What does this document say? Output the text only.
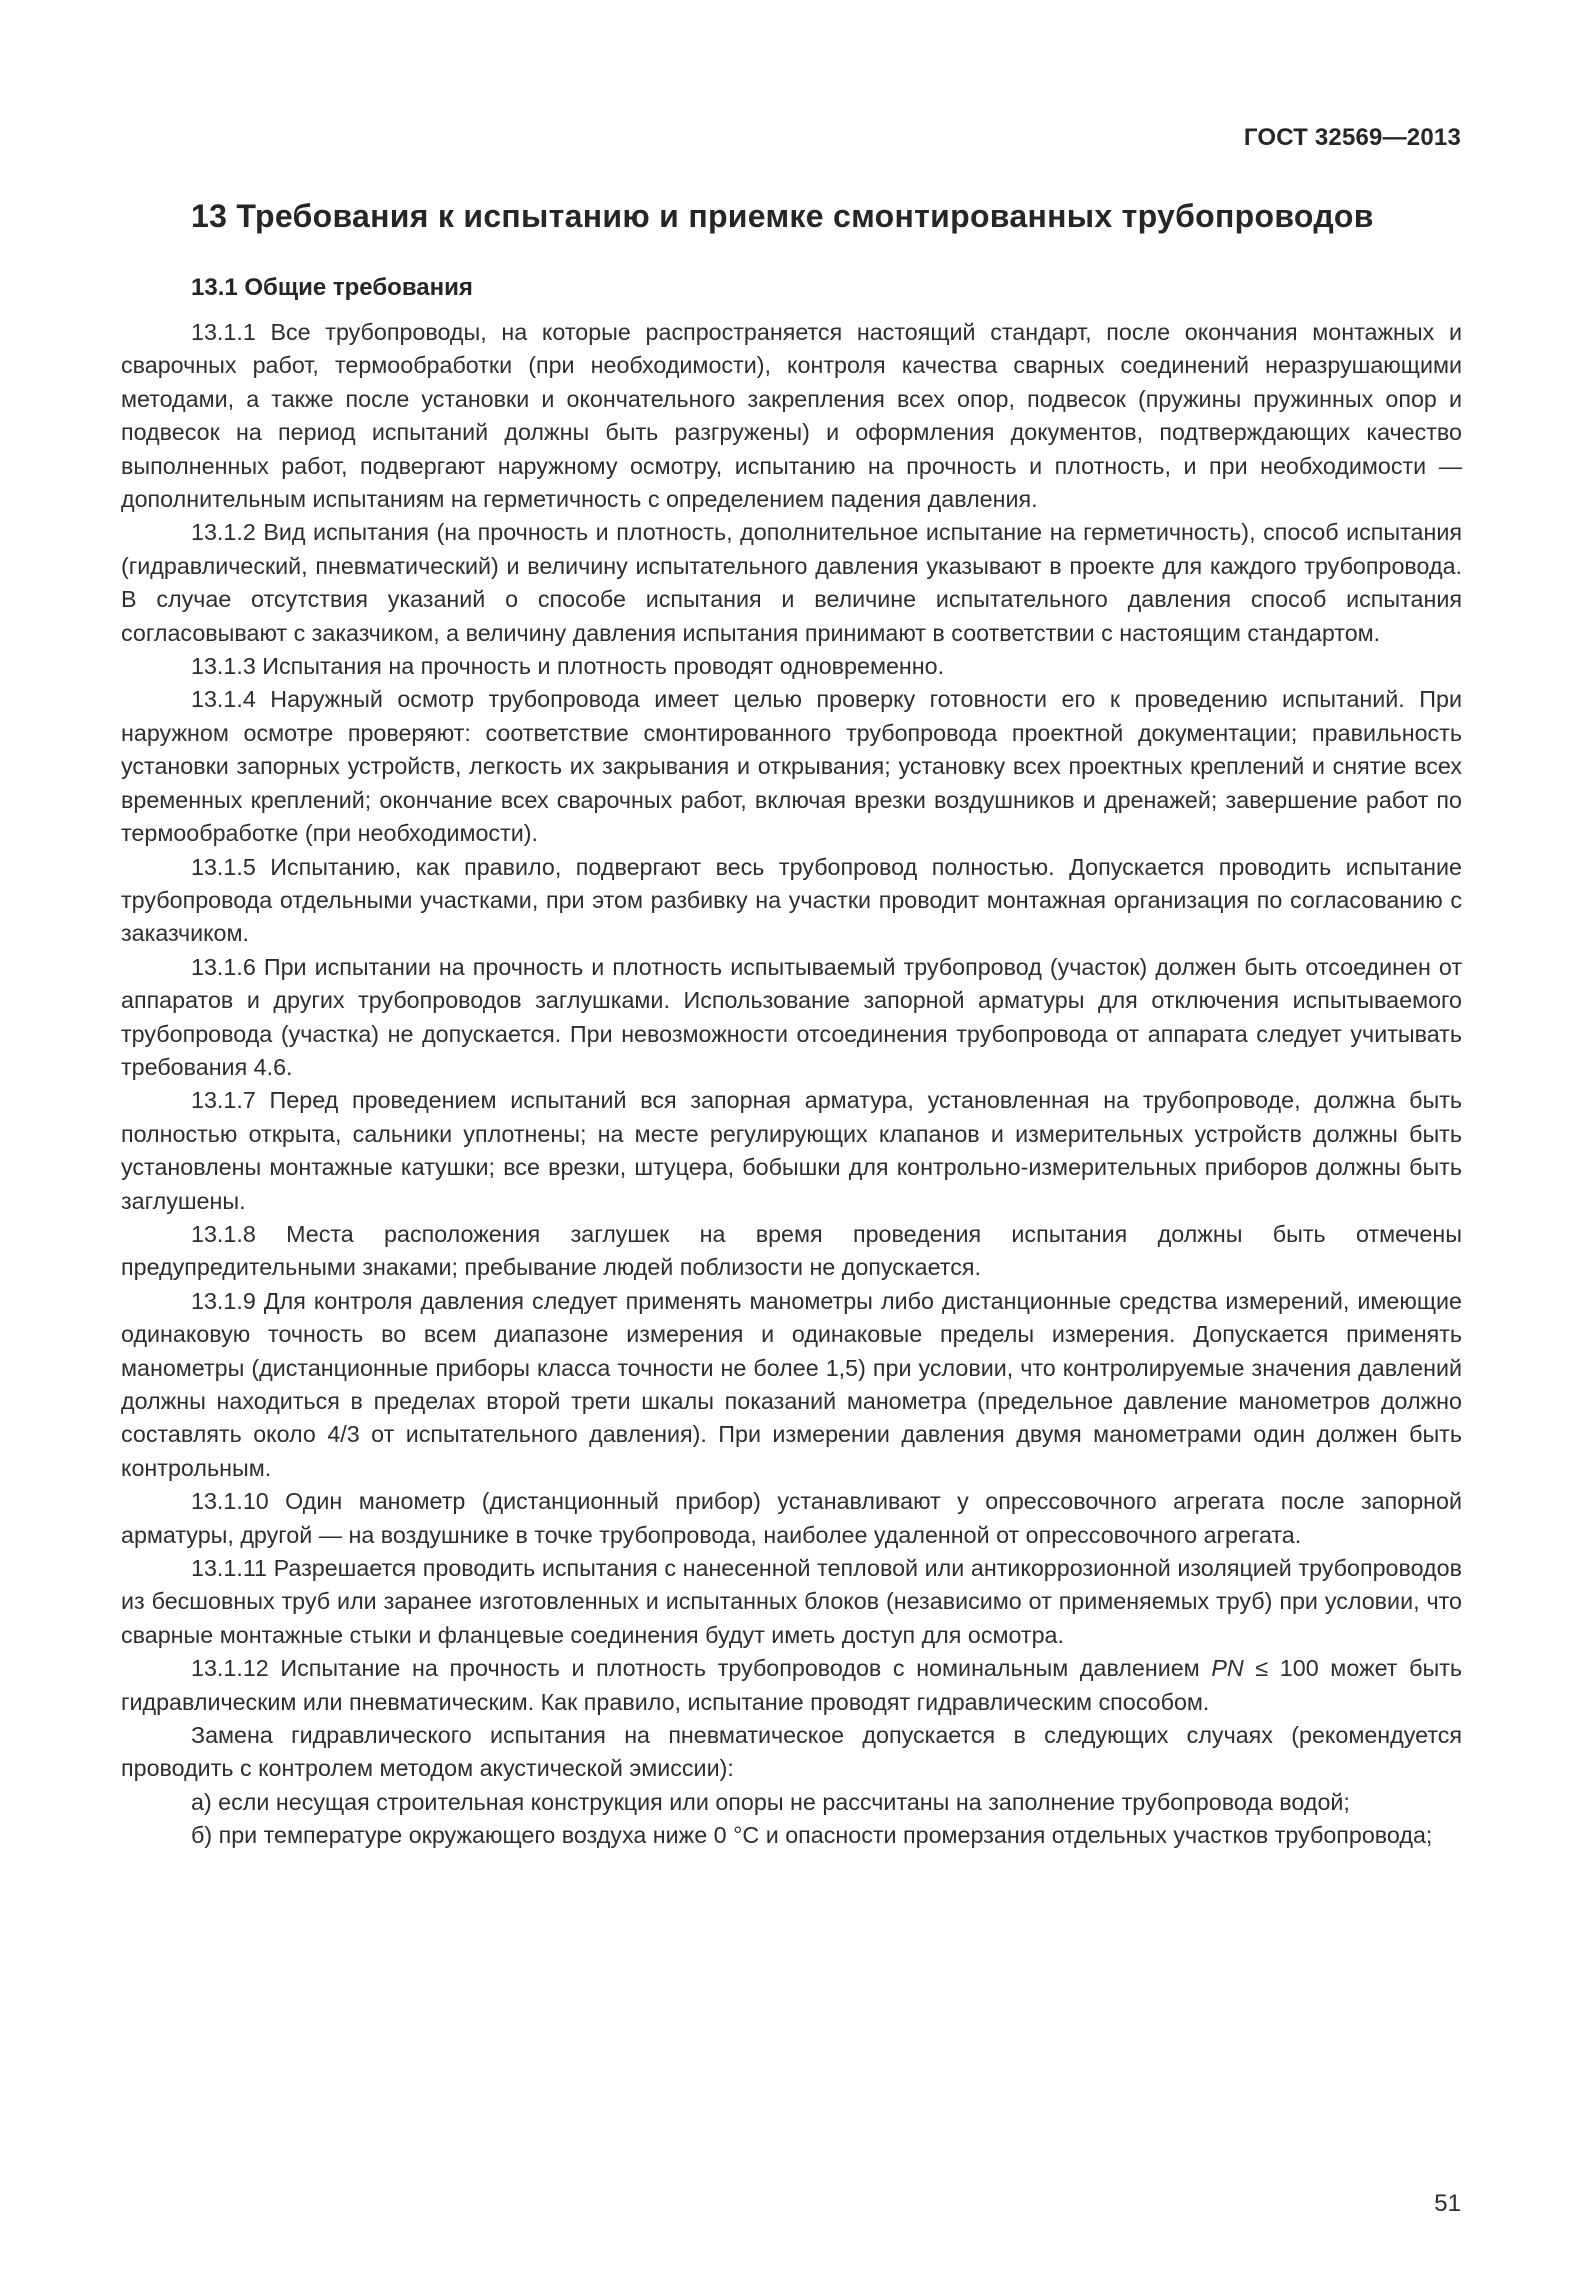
ГОСТ 32569—2013
13 Требования к испытанию и приемке смонтированных трубопроводов
13.1 Общие требования

13.1.1 Все трубопроводы, на которые распространяется настоящий стандарт, после окончания монтажных и сварочных работ, термообработки (при необходимости), контроля качества сварных соединений неразрушающими методами, а также после установки и окончательного закрепления всех опор, подвесок (пружины пружинных опор и подвесок на период испытаний должны быть разгружены) и оформления документов, подтверждающих качество выполненных работ, подвергают наружному осмотру, испытанию на прочность и плотность, и при необходимости — дополнительным испытаниям на герметичность с определением падения давления.

13.1.2 Вид испытания (на прочность и плотность, дополнительное испытание на герметичность), способ испытания (гидравлический, пневматический) и величину испытательного давления указывают в проекте для каждого трубопровода. В случае отсутствия указаний о способе испытания и величине испытательного давления способ испытания согласовывают с заказчиком, а величину давления испытания принимают в соответствии с настоящим стандартом.

13.1.3 Испытания на прочность и плотность проводят одновременно.

13.1.4 Наружный осмотр трубопровода имеет целью проверку готовности его к проведению испытаний. При наружном осмотре проверяют: соответствие смонтированного трубопровода проектной документации; правильность установки запорных устройств, легкость их закрывания и открывания; установку всех проектных креплений и снятие всех временных креплений; окончание всех сварочных работ, включая врезки воздушников и дренажей; завершение работ по термообработке (при необходимости).

13.1.5 Испытанию, как правило, подвергают весь трубопровод полностью. Допускается проводить испытание трубопровода отдельными участками, при этом разбивку на участки проводит монтажная организация по согласованию с заказчиком.

13.1.6 При испытании на прочность и плотность испытываемый трубопровод (участок) должен быть отсоединен от аппаратов и других трубопроводов заглушками. Использование запорной арматуры для отключения испытываемого трубопровода (участка) не допускается. При невозможности отсоединения трубопровода от аппарата следует учитывать требования 4.6.

13.1.7 Перед проведением испытаний вся запорная арматура, установленная на трубопроводе, должна быть полностью открыта, сальники уплотнены; на месте регулирующих клапанов и измерительных устройств должны быть установлены монтажные катушки; все врезки, штуцера, бобышки для контрольно-измерительных приборов должны быть заглушены.

13.1.8 Места расположения заглушек на время проведения испытания должны быть отмечены предупредительными знаками; пребывание людей поблизости не допускается.

13.1.9 Для контроля давления следует применять манометры либо дистанционные средства измерений, имеющие одинаковую точность во всем диапазоне измерения и одинаковые пределы измерения. Допускается применять манометры (дистанционные приборы класса точности не более 1,5) при условии, что контролируемые значения давлений должны находиться в пределах второй трети шкалы показаний манометра (предельное давление манометров должно составлять около 4/3 от испытательного давления). При измерении давления двумя манометрами один должен быть контрольным.

13.1.10 Один манометр (дистанционный прибор) устанавливают у опрессовочного агрегата после запорной арматуры, другой — на воздушнике в точке трубопровода, наиболее удаленной от опрессовочного агрегата.

13.1.11 Разрешается проводить испытания с нанесенной тепловой или антикоррозионной изоляцией трубопроводов из бесшовных труб или заранее изготовленных и испытанных блоков (независимо от применяемых труб) при условии, что сварные монтажные стыки и фланцевые соединения будут иметь доступ для осмотра.

13.1.12 Испытание на прочность и плотность трубопроводов с номинальным давлением PN ≤ 100 может быть гидравлическим или пневматическим. Как правило, испытание проводят гидравлическим способом.

Замена гидравлического испытания на пневматическое допускается в следующих случаях (рекомендуется проводить с контролем методом акустической эмиссии):

а) если несущая строительная конструкция или опоры не рассчитаны на заполнение трубопровода водой;

б) при температуре окружающего воздуха ниже 0 °С и опасности промерзания отдельных участков трубопровода;

51
